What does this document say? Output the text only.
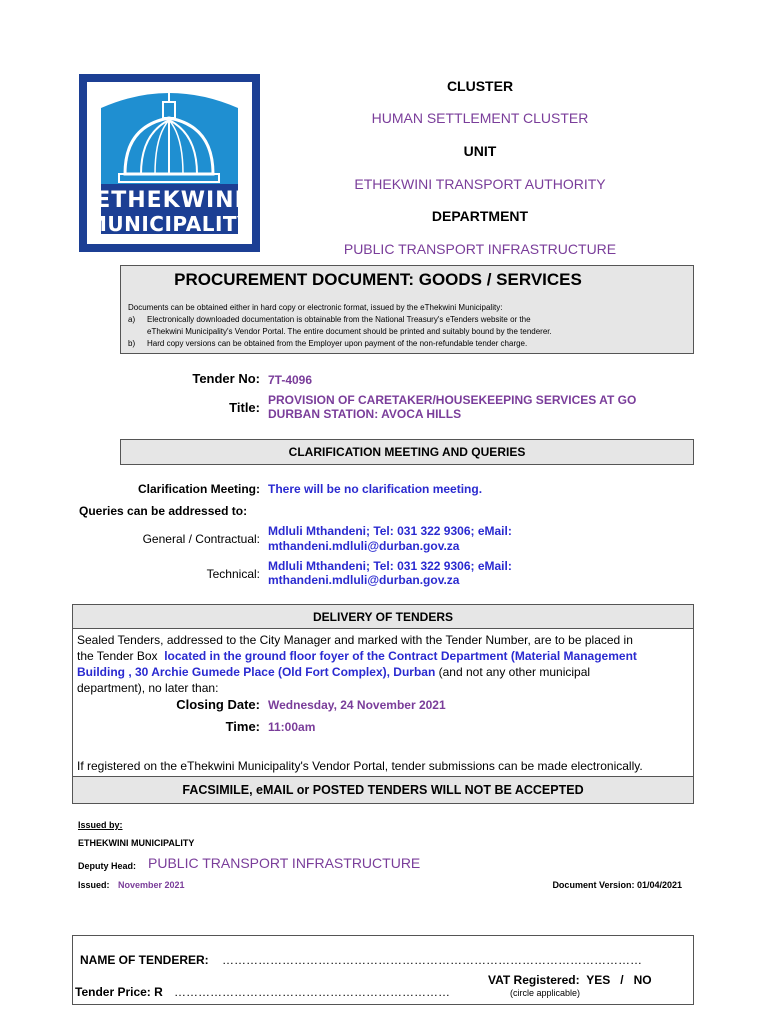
ETHEKWINI
MUNICIPALITY
CLUSTER
HUMAN SETTLEMENT CLUSTER
UNIT
ETHEKWINI TRANSPORT AUTHORITY
DEPARTMENT
PUBLIC TRANSPORT INFRASTRUCTURE
PROCUREMENT DOCUMENT: GOODS / SERVICES
Documents can be obtained either in hard copy or electronic format, issued by the eThekwini Municipality:
a) Electronically downloaded documentation is obtainable from the National Treasury's eTenders website or the
eThekwini Municipality's Vendor Portal. The entire document should be printed and suitably bound by the tenderer.
b) Hard copy versions can be obtained from the Employer upon payment of the non-refundable tender charge.
Tender No: 7T-4096
Title: PROVISION OF CARETAKER/HOUSEKEEPING SERVICES AT GO
DURBAN STATION: AVOCA HILLS
CLARIFICATION MEETING AND QUERIES
Clarification Meeting: There will be no clarification meeting.
Queries can be addressed to:
General / Contractual:
Mdluli Mthandeni; Tel: 031 322 9306; eMail:
mthandeni.mdluli@durban.gov.za
Technical:
Mdluli Mthandeni; Tel: 031 322 9306; eMail:
mthandeni.mdluli@durban.gov.za
DELIVERY OF TENDERS
Sealed Tenders, addressed to the City Manager and marked with the Tender Number, are to be placed in
the Tender Box located in the ground floor foyer of the Contract Department (Material Management
Building , 30 Archie Gumede Place (Old Fort Complex), Durban (and not any other municipal
department), no later than:
Closing Date: Wednesday, 24 November 2021
Time: 11:00am
If registered on the eThekwini Municipality's Vendor Portal, tender submissions can be made electronically.
FACSIMILE, eMAIL or POSTED TENDERS WILL NOT BE ACCEPTED
Issued by:
ETHEKWINI MUNICIPALITY
Deputy Head: PUBLIC TRANSPORT INFRASTRUCTURE
Issued: November 2021	Document Version: 01/04/2021
NAME OF TENDERER: ……………………………………………………………………………………………
VAT Registered: YES / NO
(circle applicable)
Tender Price: R ……………………………………………………………
